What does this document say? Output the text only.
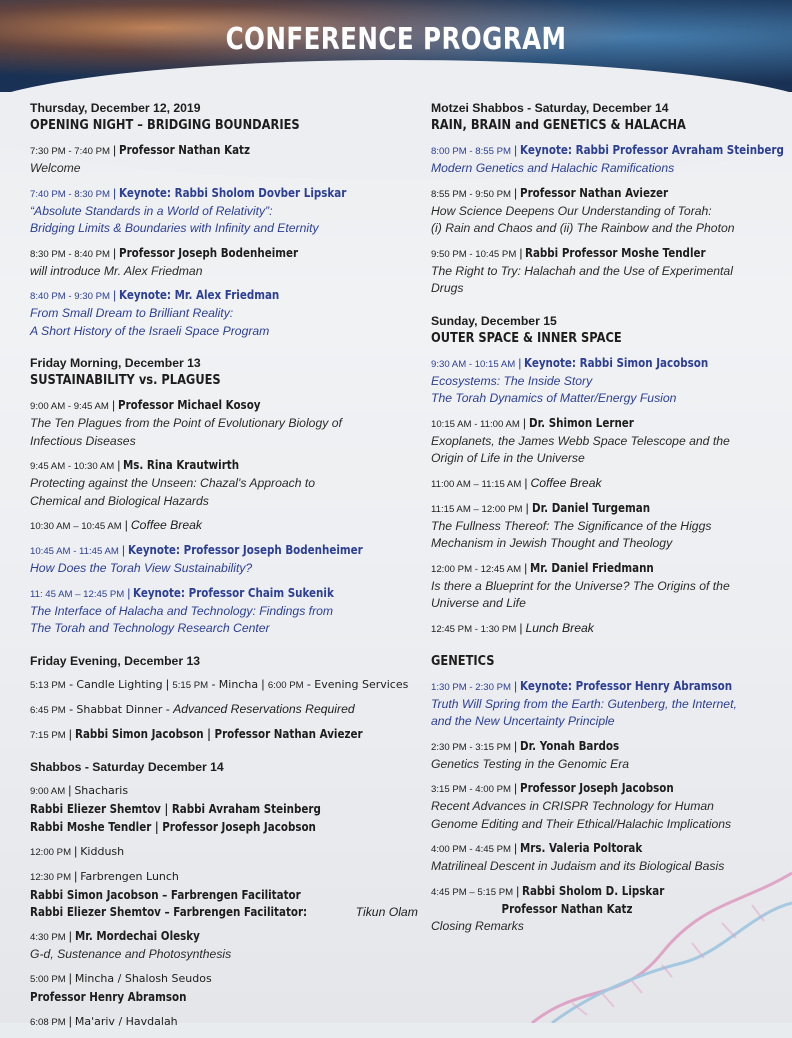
CONFERENCE PROGRAM

Thursday, December 12, 2019

OPENING NIGHT – BRIDGING BOUNDARIES

7:30 PM - 7:40 PM | Professor Nathan Katz
Welcome
7:40 PM - 8:30 PM | Keynote: Rabbi Sholom Dovber Lipskar
“Absolute Standards in a World of Relativity”:
Bridging Limits & Boundaries with Infinity and Eternity
8:30 PM - 8:40 PM | Professor Joseph Bodenheimer
will introduce Mr. Alex Friedman
8:40 PM - 9:30 PM | Keynote: Mr. Alex Friedman
From Small Dream to Brilliant Reality:
A Short History of the Israeli Space Program

Friday Morning, December 13

SUSTAINABILITY vs. PLAGUES

9:00 AM - 9:45 AM | Professor Michael Kosoy
The Ten Plagues from the Point of Evolutionary Biology of
Infectious Diseases
9:45 AM - 10:30 AM | Ms. Rina Krautwirth
Protecting against the Unseen: Chazal's Approach to
Chemical and Biological Hazards
10:30 AM – 10:45 AM | Coffee Break
10:45 AM - 11:45 AM | Keynote: Professor Joseph Bodenheimer
How Does the Torah View Sustainability?
11: 45 AM – 12:45 PM | Keynote: Professor Chaim Sukenik
The Interface of Halacha and Technology: Findings from
The Torah and Technology Research Center

Friday Evening, December 13

5:13 PM - Candle Lighting | 5:15 PM - Mincha | 6:00 PM - Evening Services
6:45 PM - Shabbat Dinner - Advanced Reservations Required
7:15 PM | Rabbi Simon Jacobson | Professor Nathan Aviezer

Shabbos - Saturday December 14

9:00 AM | Shacharis
Rabbi Eliezer Shemtov | Rabbi Avraham Steinberg
Rabbi Moshe Tendler | Professor Joseph Jacobson
12:00 PM | Kiddush
12:30 PM | Farbrengen Lunch
Rabbi Simon Jacobson – Farbrengen Facilitator
Rabbi Eliezer Shemtov – Farbrengen Facilitator:	Tikun Olam
4:30 PM | Mr. Mordechai Olesky
G-d, Sustenance and Photosynthesis
5:00 PM | Mincha / Shalosh Seudos
Professor Henry Abramson
6:08 PM | Ma'ariv / Havdalah

Motzei Shabbos - Saturday, December 14

RAIN, BRAIN and GENETICS & HALACHA

8:00 PM - 8:55 PM | Keynote: Rabbi Professor Avraham Steinberg
Modern Genetics and Halachic Ramifications
8:55 PM - 9:50 PM | Professor Nathan Aviezer
How Science Deepens Our Understanding of Torah:
(i) Rain and Chaos and (ii) The Rainbow and the Photon
9:50 PM - 10:45 PM | Rabbi Professor Moshe Tendler
The Right to Try: Halachah and the Use of Experimental
Drugs

Sunday, December 15

OUTER SPACE & INNER SPACE

9:30 AM - 10:15 AM | Keynote: Rabbi Simon Jacobson
Ecosystems: The Inside Story
The Torah Dynamics of Matter/Energy Fusion
10:15 AM - 11:00 AM | Dr. Shimon Lerner
Exoplanets, the James Webb Space Telescope and the
Origin of Life in the Universe
11:00 AM – 11:15 AM | Coffee Break
11:15 AM – 12:00 PM | Dr. Daniel Turgeman
The Fullness Thereof: The Significance of the Higgs
Mechanism in Jewish Thought and Theology
12:00 PM - 12:45 AM | Mr. Daniel Friedmann
Is there a Blueprint for the Universe? The Origins of the
Universe and Life
12:45 PM - 1:30 PM | Lunch Break

GENETICS

1:30 PM - 2:30 PM | Keynote: Professor Henry Abramson
Truth Will Spring from the Earth: Gutenberg, the Internet,
and the New Uncertainty Principle
2:30 PM - 3:15 PM | Dr. Yonah Bardos
Genetics Testing in the Genomic Era
3:15 PM - 4:00 PM | Professor Joseph Jacobson
Recent Advances in CRISPR Technology for Human
Genome Editing and Their Ethical/Halachic Implications
4:00 PM - 4:45 PM | Mrs. Valeria Poltorak
Matrilineal Descent in Judaism and its Biological Basis
4:45 PM – 5:15 PM | Rabbi Sholom D. Lipskar
Professor Nathan Katz
Closing Remarks
